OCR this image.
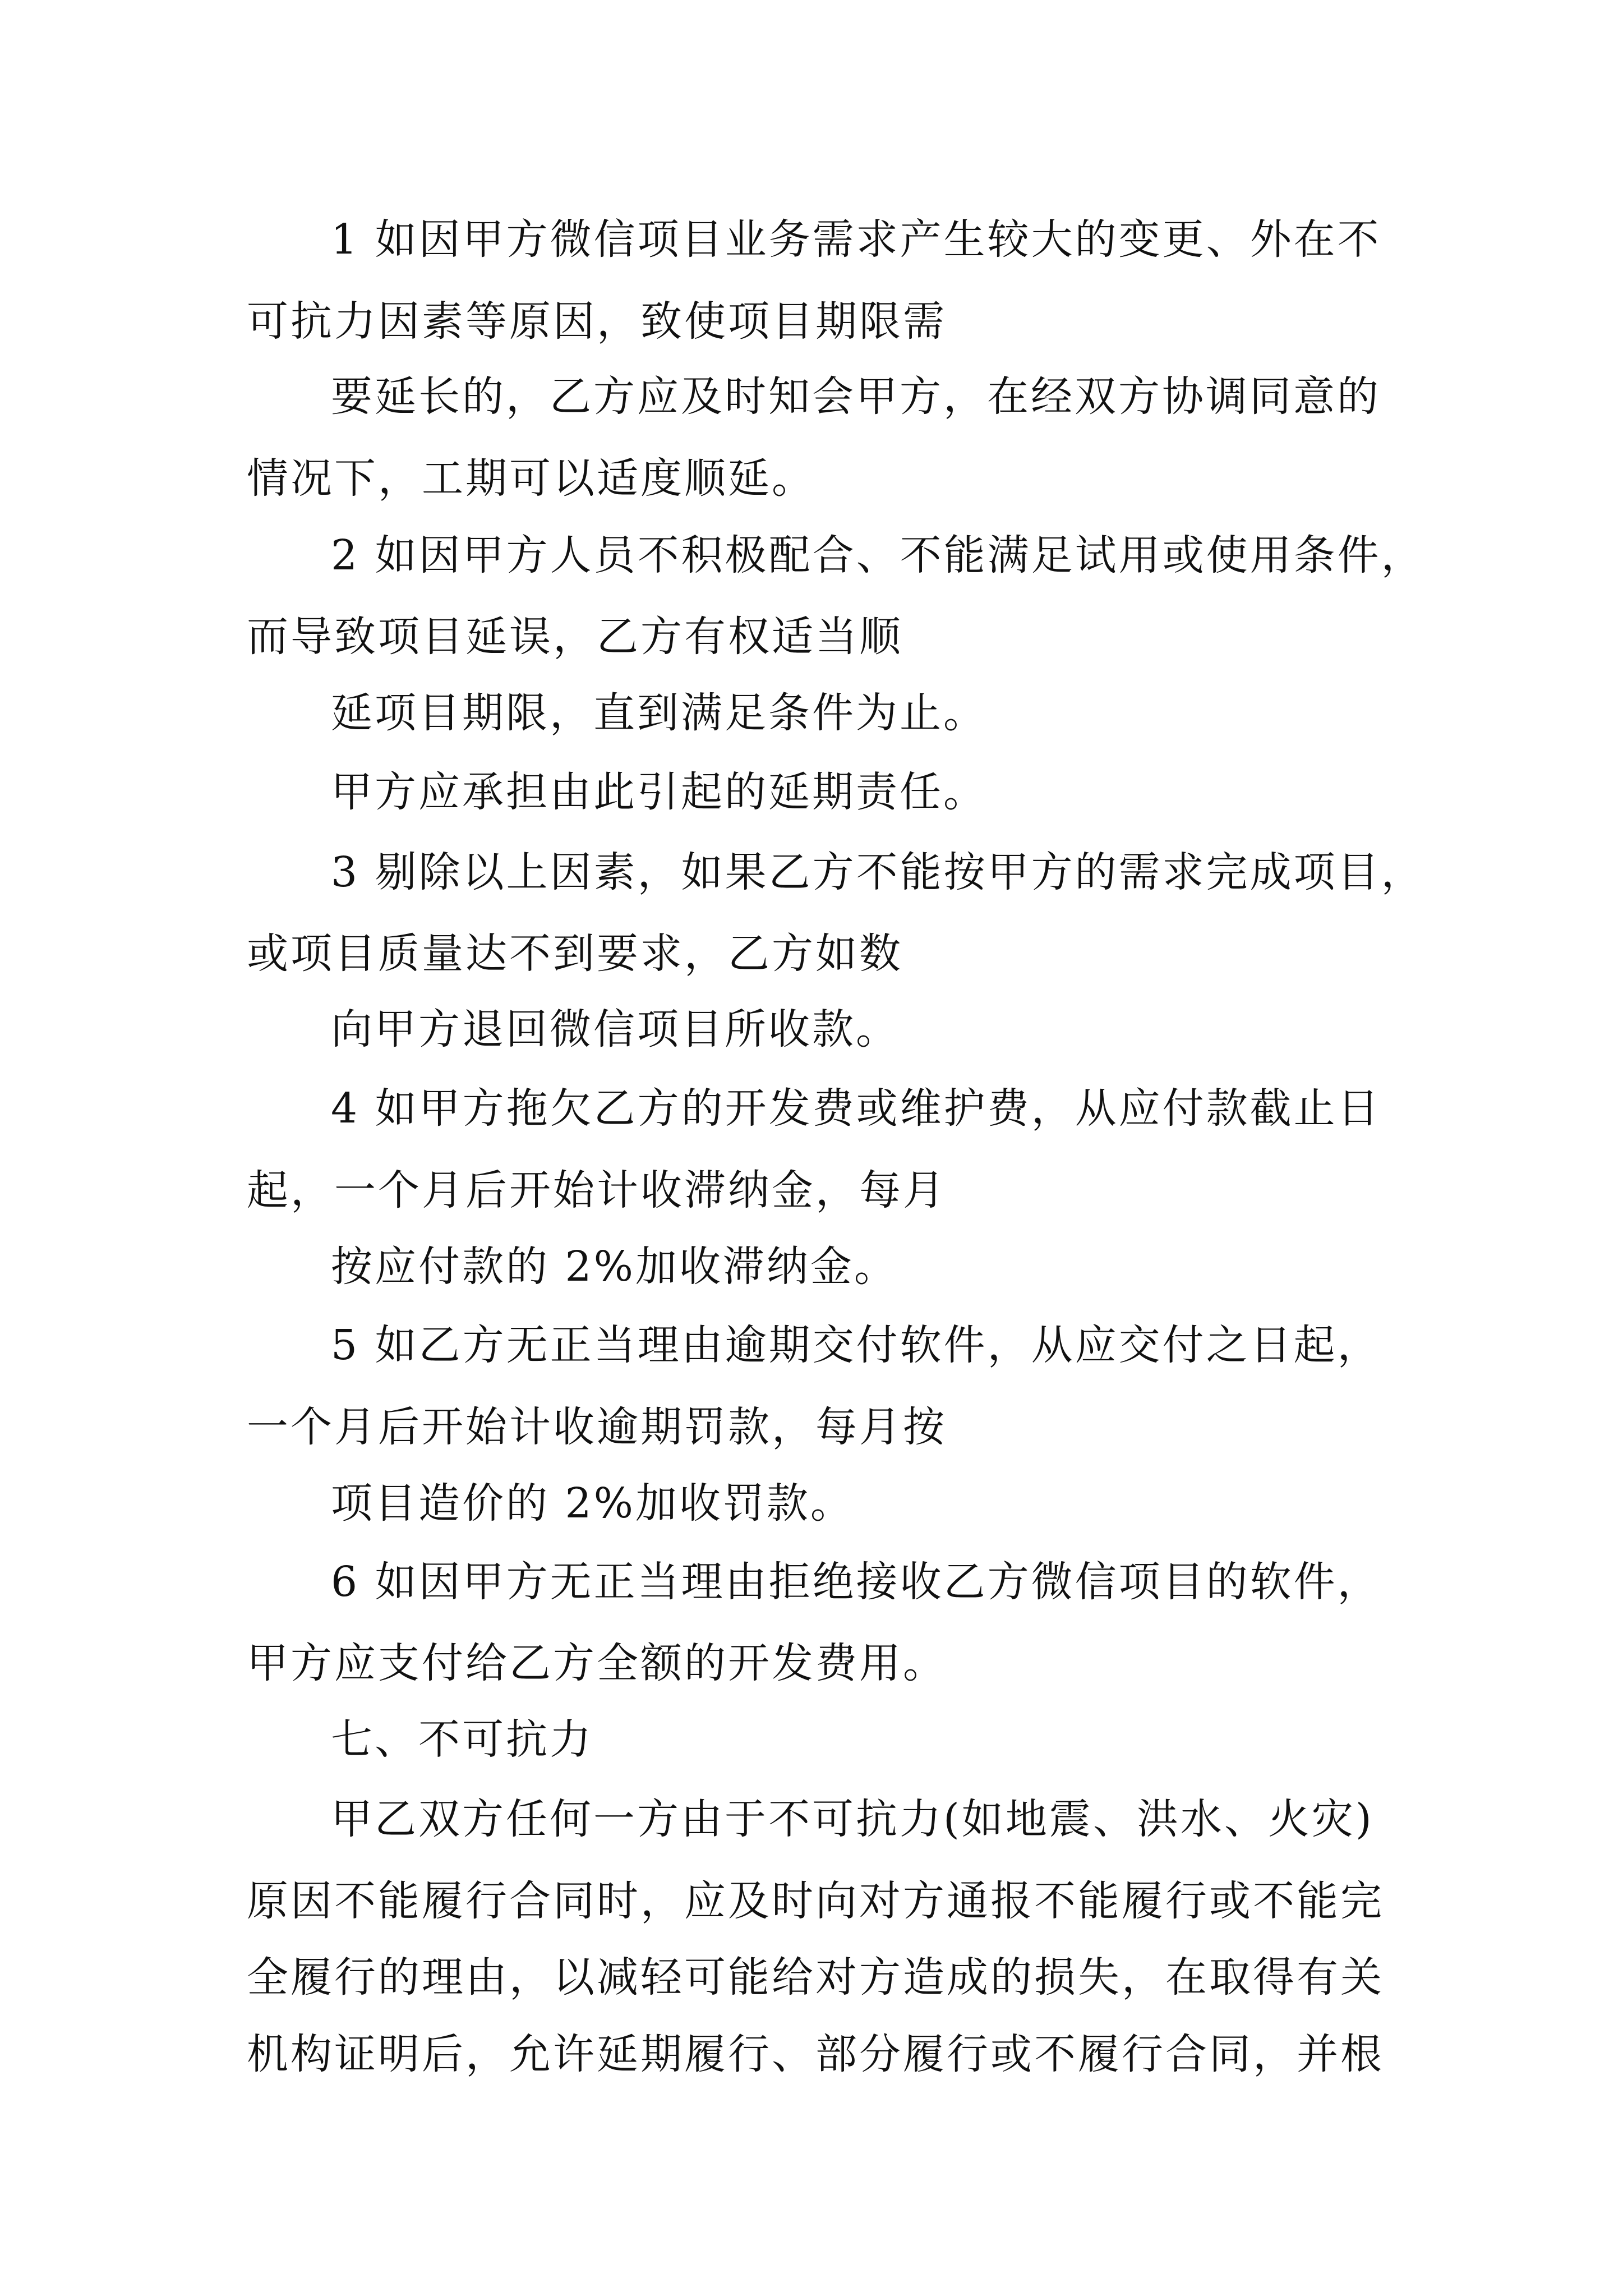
1 如因甲方微信项目业务需求产生较大的变更、外在不
可抗力因素等原因，致使项目期限需
要延长的，乙方应及时知会甲方，在经双方协调同意的
情况下，工期可以适度顺延。
2 如因甲方人员不积极配合、不能满足试用或使用条件，
而导致项目延误，乙方有权适当顺
延项目期限，直到满足条件为止。
甲方应承担由此引起的延期责任。
3 剔除以上因素，如果乙方不能按甲方的需求完成项目，
或项目质量达不到要求，乙方如数
向甲方退回微信项目所收款。
4 如甲方拖欠乙方的开发费或维护费，从应付款截止日
起，一个月后开始计收滞纳金，每月
按应付款的 2%加收滞纳金。
5 如乙方无正当理由逾期交付软件，从应交付之日起，
一个月后开始计收逾期罚款，每月按
项目造价的 2%加收罚款。
6 如因甲方无正当理由拒绝接收乙方微信项目的软件，
甲方应支付给乙方全额的开发费用。
七、不可抗力
甲乙双方任何一方由于不可抗力(如地震、洪水、火灾)
原因不能履行合同时，应及时向对方通报不能履行或不能完
全履行的理由，以减轻可能给对方造成的损失，在取得有关
机构证明后，允许延期履行、部分履行或不履行合同，并根
